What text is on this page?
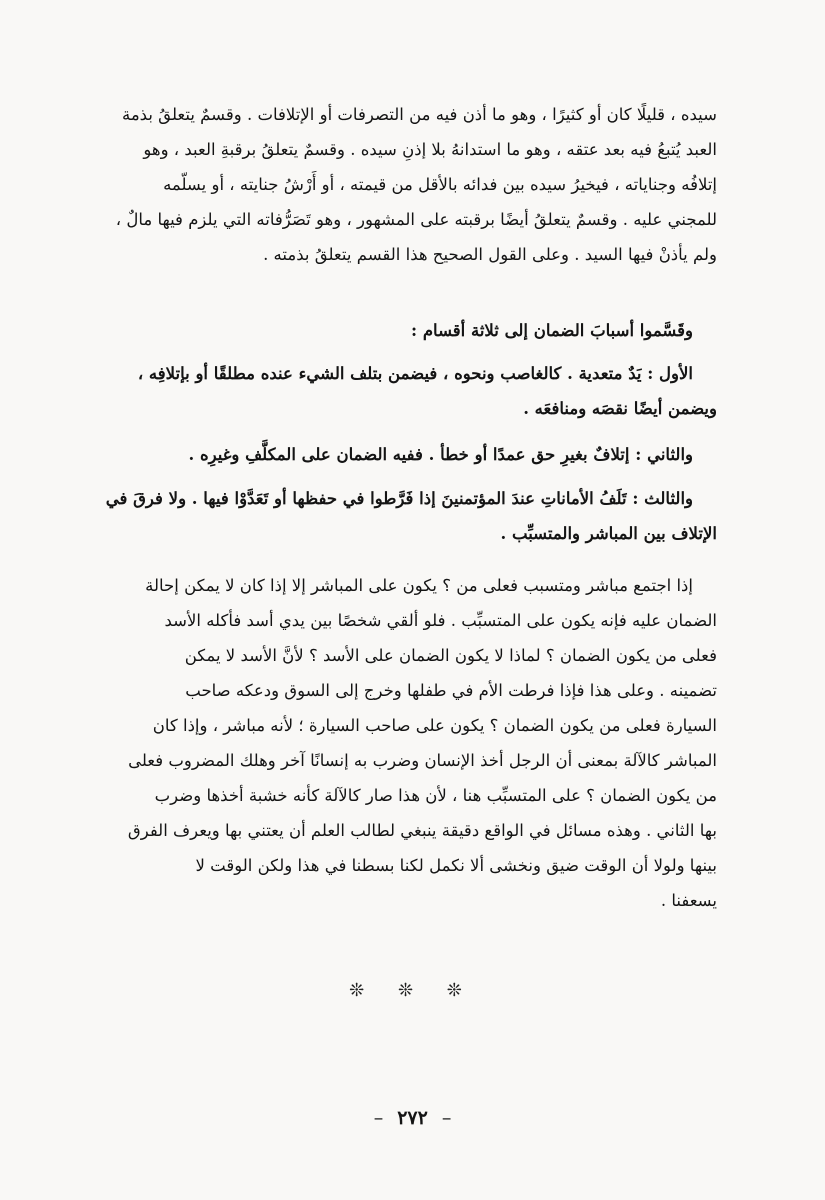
سيده ، قليلًا كان أو كثيرًا ، وهو ما أذن فيه من التصرفات أو الإتلافات . وقسمٌ يتعلقُ بذمة
العبد يُتبعُ فيه بعد عتقه ، وهو ما استدانهُ بلا إذنِ سيده . وقسمٌ يتعلقُ برقبةِ العبد ، وهو
إتلافُه وجناياته ، فيخيرُ سيده بين فدائه بالأقل من قيمته ، أو أَرْشُ جنايته ، أو يسلّمه
للمجني عليه . وقسمٌ يتعلقُ أيضًا برقبته على المشهور ، وهو تَصَرُّفاته التي يلزم فيها مالٌ ،
ولم يأذنْ فيها السيد . وعلى القول الصحيح هذا القسم يتعلقُ بذمته .
وقَسَّموا أسبابَ الضمان إلى ثلاثة أقسام :
الأول : يَدٌ متعدية . كالغاصب ونحوه ، فيضمن بتلف الشيء عنده مطلقًا أو بإتلافِه ،
ويضمن أيضًا نقصَه ومنافعَه .
والثاني : إتلافٌ بغيرِ حق عمدًا أو خطأ . ففيه الضمان على المكلَّفِ وغيرِه .
والثالث : تَلَفُ الأماناتِ عندَ المؤتمنينَ إذا فَرَّطوا في حفظها أو تَعَدَّوْا فيها . ولا فرقَ في
الإتلاف بين المباشر والمتسبِّب .
إذا اجتمع مباشر ومتسبب فعلى من ؟ يكون على المباشر إلا إذا كان لا يمكن إحالة
الضمان عليه فإنه يكون على المتسبِّب . فلو ألقي شخصًا بين يدي أسد فأكله الأسد
فعلى من يكون الضمان ؟ لماذا لا يكون الضمان على الأسد ؟ لأنَّ الأسد لا يمكن
تضمينه . وعلى هذا فإذا فرطت الأم في طفلها وخرج إلى السوق ودعكه صاحب
السيارة فعلى من يكون الضمان ؟ يكون على صاحب السيارة ؛ لأنه مباشر ، وإذا كان
المباشر كالآلة بمعنى أن الرجل أخذ الإنسان وضرب به إنسانًا آخر وهلك المضروب فعلى
من يكون الضمان ؟ على المتسبِّب هنا ، لأن هذا صار كالآلة كأنه خشبة أخذها وضرب
بها الثاني . وهذه مسائل في الواقع دقيقة ينبغي لطالب العلم أن يعتني بها ويعرف الفرق
بينها ولولا أن الوقت ضيق ونخشى ألا نكمل لكنا بسطنا في هذا ولكن الوقت لا
يسعفنا .
❊ ❊ ❊
– ٢٧٢ –
